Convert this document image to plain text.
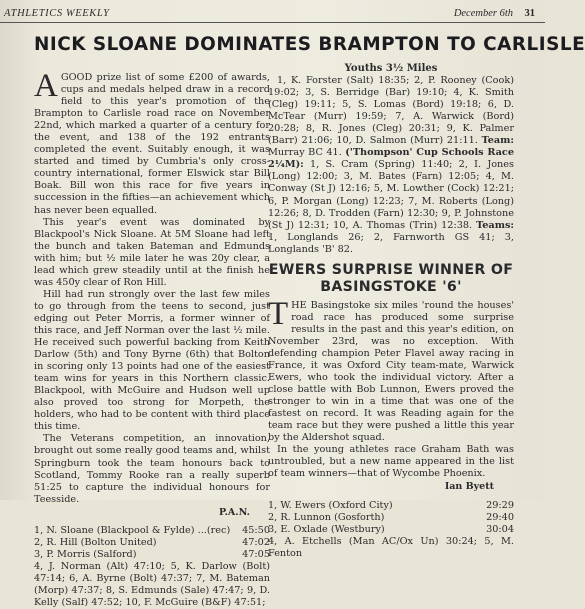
ATHLETICS WEEKLY	December 6th 31
NICK SLOANE DOMINATES BRAMPTON TO CARLISLE

AGOOD prize list of some £200 of awards, cups and medals helped draw in a record field to this year's promotion of the Brampton to Carlisle road race on November 22nd, which marked a quarter of a century for the event, and 138 of the 192 entrants completed the event. Suitably enough, it was started and timed by Cumbria's only cross-country international, former Elswick star Bill Boak. Bill won this race for five years in succession in the fifties—an achievement which has never been equalled.

This year's event was dominated by Blackpool's Nick Sloane. At 5M Sloane had left the bunch and taken Bateman and Edmunds with him; but ½ mile later he was 20y clear, a lead which grew steadily until at the finish he was 450y clear of Ron Hill.

Hill had run strongly over the last few miles to go through from the teens to second, just edging out Peter Morris, a former winner of this race, and Jeff Norman over the last ½ mile. He received such powerful backing from Keith Darlow (5th) and Tony Byrne (6th) that Bolton in scoring only 13 points had one of the easiest team wins for years in this Northern classic. Blackpool, with McGuire and Hudson well up also proved too strong for Morpeth, the holders, who had to be content with third place this time.

The Veterans competition, an innovation, brought out some really good teams and, whilst Springburn took the team honours back to Scotland, Tommy Rooke ran a really superb 51:25 to capture the individual honours for Teesside.

P.A.N.
1, N. Sloane (Blackpool & Fylde) ...(rec)	45:50
2, R. Hill (Bolton United)	47:02
3, P. Morris (Salford)	47:05

4, J. Norman (Alt) 47:10; 5, K. Darlow (Bolt) 47:14; 6, A. Byrne (Bolt) 47:37; 7, M. Bateman (Morp) 47:37; 8, S. Edmunds (Sale) 47:47; 9, D. Kelly (Salf) 47:52; 10, F. McGuire (B&F) 47:51;

Youths 3½ Miles

1, K. Forster (Salt) 18:35; 2, P. Rooney (Cook) 19:02; 3, S. Berridge (Bar) 19:10; 4, K. Smith (Cleg) 19:11; 5, S. Lomas (Bord) 19:18; 6, D. McTear (Murr) 19:59; 7, A. Warwick (Bord) 20:28; 8, R. Jones (Cleg) 20:31; 9, K. Palmer (Barr) 21:06; 10, D. Salmon (Murr) 21:11. Team: Murray BC 41. ('Thompson' Cup Schools Race 2¼M): 1, S. Cram (Spring) 11:40; 2, I. Jones (Long) 12:00; 3, M. Bates (Farn) 12:05; 4, M. Conway (St J) 12:16; 5, M. Lowther (Cock) 12:21; 6, P. Morgan (Long) 12:23; 7, M. Roberts (Long) 12:26; 8, D. Trodden (Farn) 12:30; 9, P. Johnstone (St J) 12:31; 10, A. Thomas (Trin) 12:38. Teams: 1, Longlands 26; 2, Farnworth GS 41; 3, Longlands 'B' 82.

EWERS SURPRISE WINNER OF BASINGSTOKE '6'

THE Basingstoke six miles 'round the houses' road race has produced some surprise results in the past and this year's edition, on November 23rd, was no exception. With defending champion Peter Flavel away racing in France, it was Oxford City team-mate, Warwick Ewers, who took the individual victory. After a close battle with Bob Lunnon, Ewers proved the stronger to win in a time that was one of the fastest on record. It was Reading again for the team race but they were pushed a little this year by the Aldershot squad.

In the young athletes race Graham Bath was untroubled, but a new name appeared in the list of team winners—that of Wycombe Phoenix.

Ian Byett
1, W. Ewers (Oxford City)	29:29
2, R. Lunnon (Gosforth)	29:40
3, E. Oxlade (Westbury)	30:04

4, A. Etchells (Man AC/Ox Un) 30:24; 5, M. Fenton
